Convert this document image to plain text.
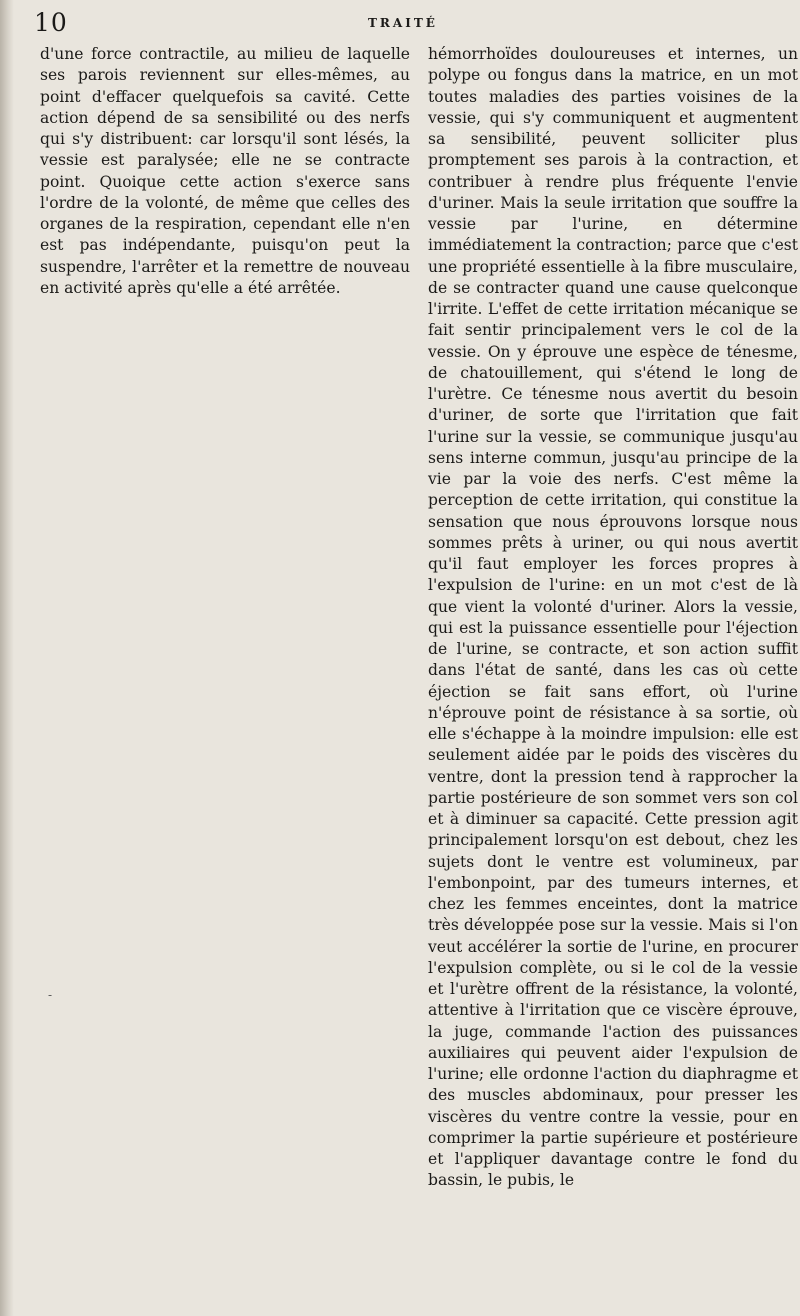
10	TRAITÉ

d'une force contractile, au milieu de laquelle ses parois reviennent sur elles-mêmes, au point d'effacer quelquefois sa cavité. Cette action dépend de sa sensibilité ou des nerfs qui s'y distribuent: car lorsqu'il sont lésés, la vessie est paralysée; elle ne se contracte point. Quoique cette action s'exerce sans l'ordre de la volonté, de même que celles des organes de la respiration, cependant elle n'en est pas indépendante, puisqu'on peut la suspendre, l'arrêter et la remettre de nouveau en activité après qu'elle a été arrêtée.

hémorrhoïdes douloureuses et internes, un polype ou fongus dans la matrice, en un mot toutes maladies des parties voisines de la vessie, qui s'y communiquent et augmentent sa sensibilité, peuvent solliciter plus promptement ses parois à la contraction, et contribuer à rendre plus fréquente l'envie d'uriner. Mais la seule irritation que souffre la vessie par l'urine, en détermine immédiatement la contraction; parce que c'est une propriété essentielle à la fibre musculaire, de se contracter quand une cause quelconque l'irrite. L'effet de cette irritation mécanique se fait sentir principalement vers le col de la vessie. On y éprouve une espèce de ténesme, de chatouillement, qui s'étend le long de l'urètre. Ce ténesme nous avertit du besoin d'uriner, de sorte que l'irritation que fait l'urine sur la vessie, se communique jusqu'au sens interne commun, jusqu'au principe de la vie par la voie des nerfs. C'est même la perception de cette irritation, qui constitue la sensation que nous éprouvons lorsque nous sommes prêts à uriner, ou qui nous avertit qu'il faut employer les forces propres à l'expulsion de l'urine: en un mot c'est de là que vient la volonté d'uriner. Alors la vessie, qui est la puissance essentielle pour l'éjection de l'urine, se contracte, et son action suffit dans l'état de santé, dans les cas où cette éjection se fait sans effort, où l'urine n'éprouve point de résistance à sa sortie, où elle s'échappe à la moindre impulsion: elle est seulement aidée par le poids des viscères du ventre, dont la pression tend à rapprocher la partie postérieure de son sommet vers son col et à diminuer sa capacité. Cette pression agit principalement lorsqu'on est debout, chez les sujets dont le ventre est volumineux, par l'embonpoint, par des tumeurs internes, et chez les femmes enceintes, dont la matrice très développée pose sur la vessie. Mais si l'on veut accélérer la sortie de l'urine, en procurer l'expulsion complète, ou si le col de la vessie et l'urètre offrent de la résistance, la volonté, attentive à l'irritation que ce viscère éprouve, la juge, commande l'action des puissances auxiliaires qui peuvent aider l'expulsion de l'urine; elle ordonne l'action du diaphragme et des muscles abdominaux, pour presser les viscères du ventre contre la vessie, pour en comprimer la partie supérieure et postérieure et l'appliquer davantage contre le fond du bassin, le pubis, le

-
